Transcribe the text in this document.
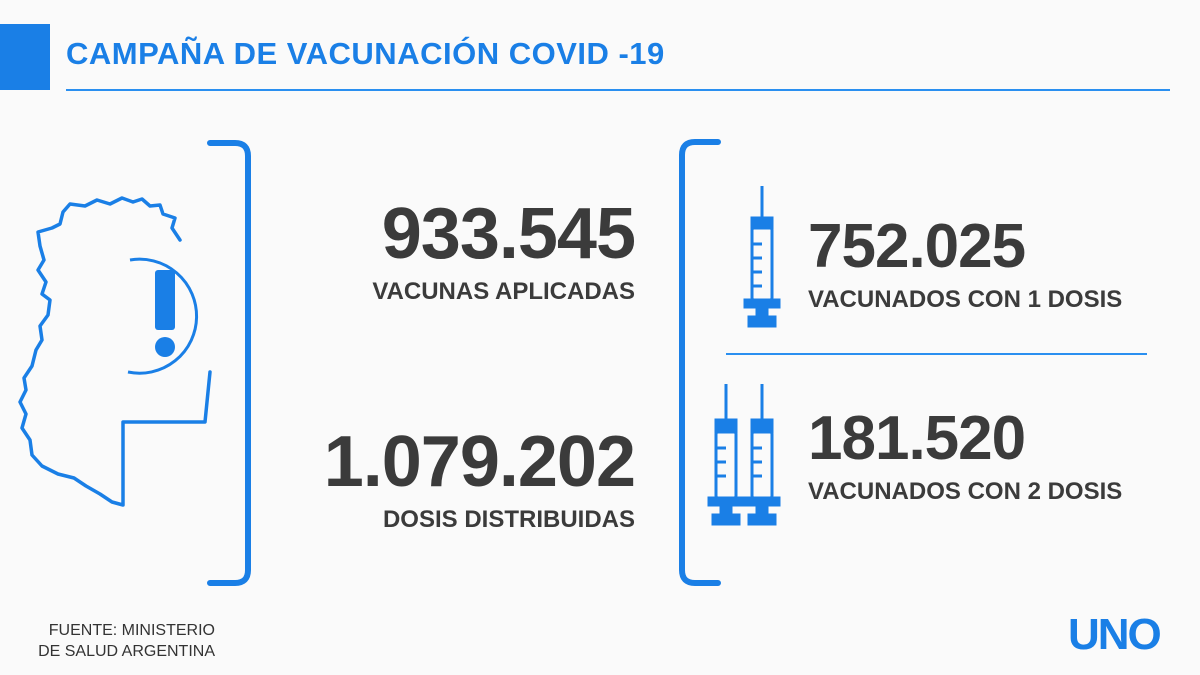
CAMPAÑA DE VACUNACIÓN COVID -19
933.545
VACUNAS APLICADAS
1.079.202
DOSIS DISTRIBUIDAS
752.025
VACUNADOS CON 1 DOSIS
181.520
VACUNADOS CON 2 DOSIS
FUENTE: MINISTERIO
DE SALUD ARGENTINA	UNO
